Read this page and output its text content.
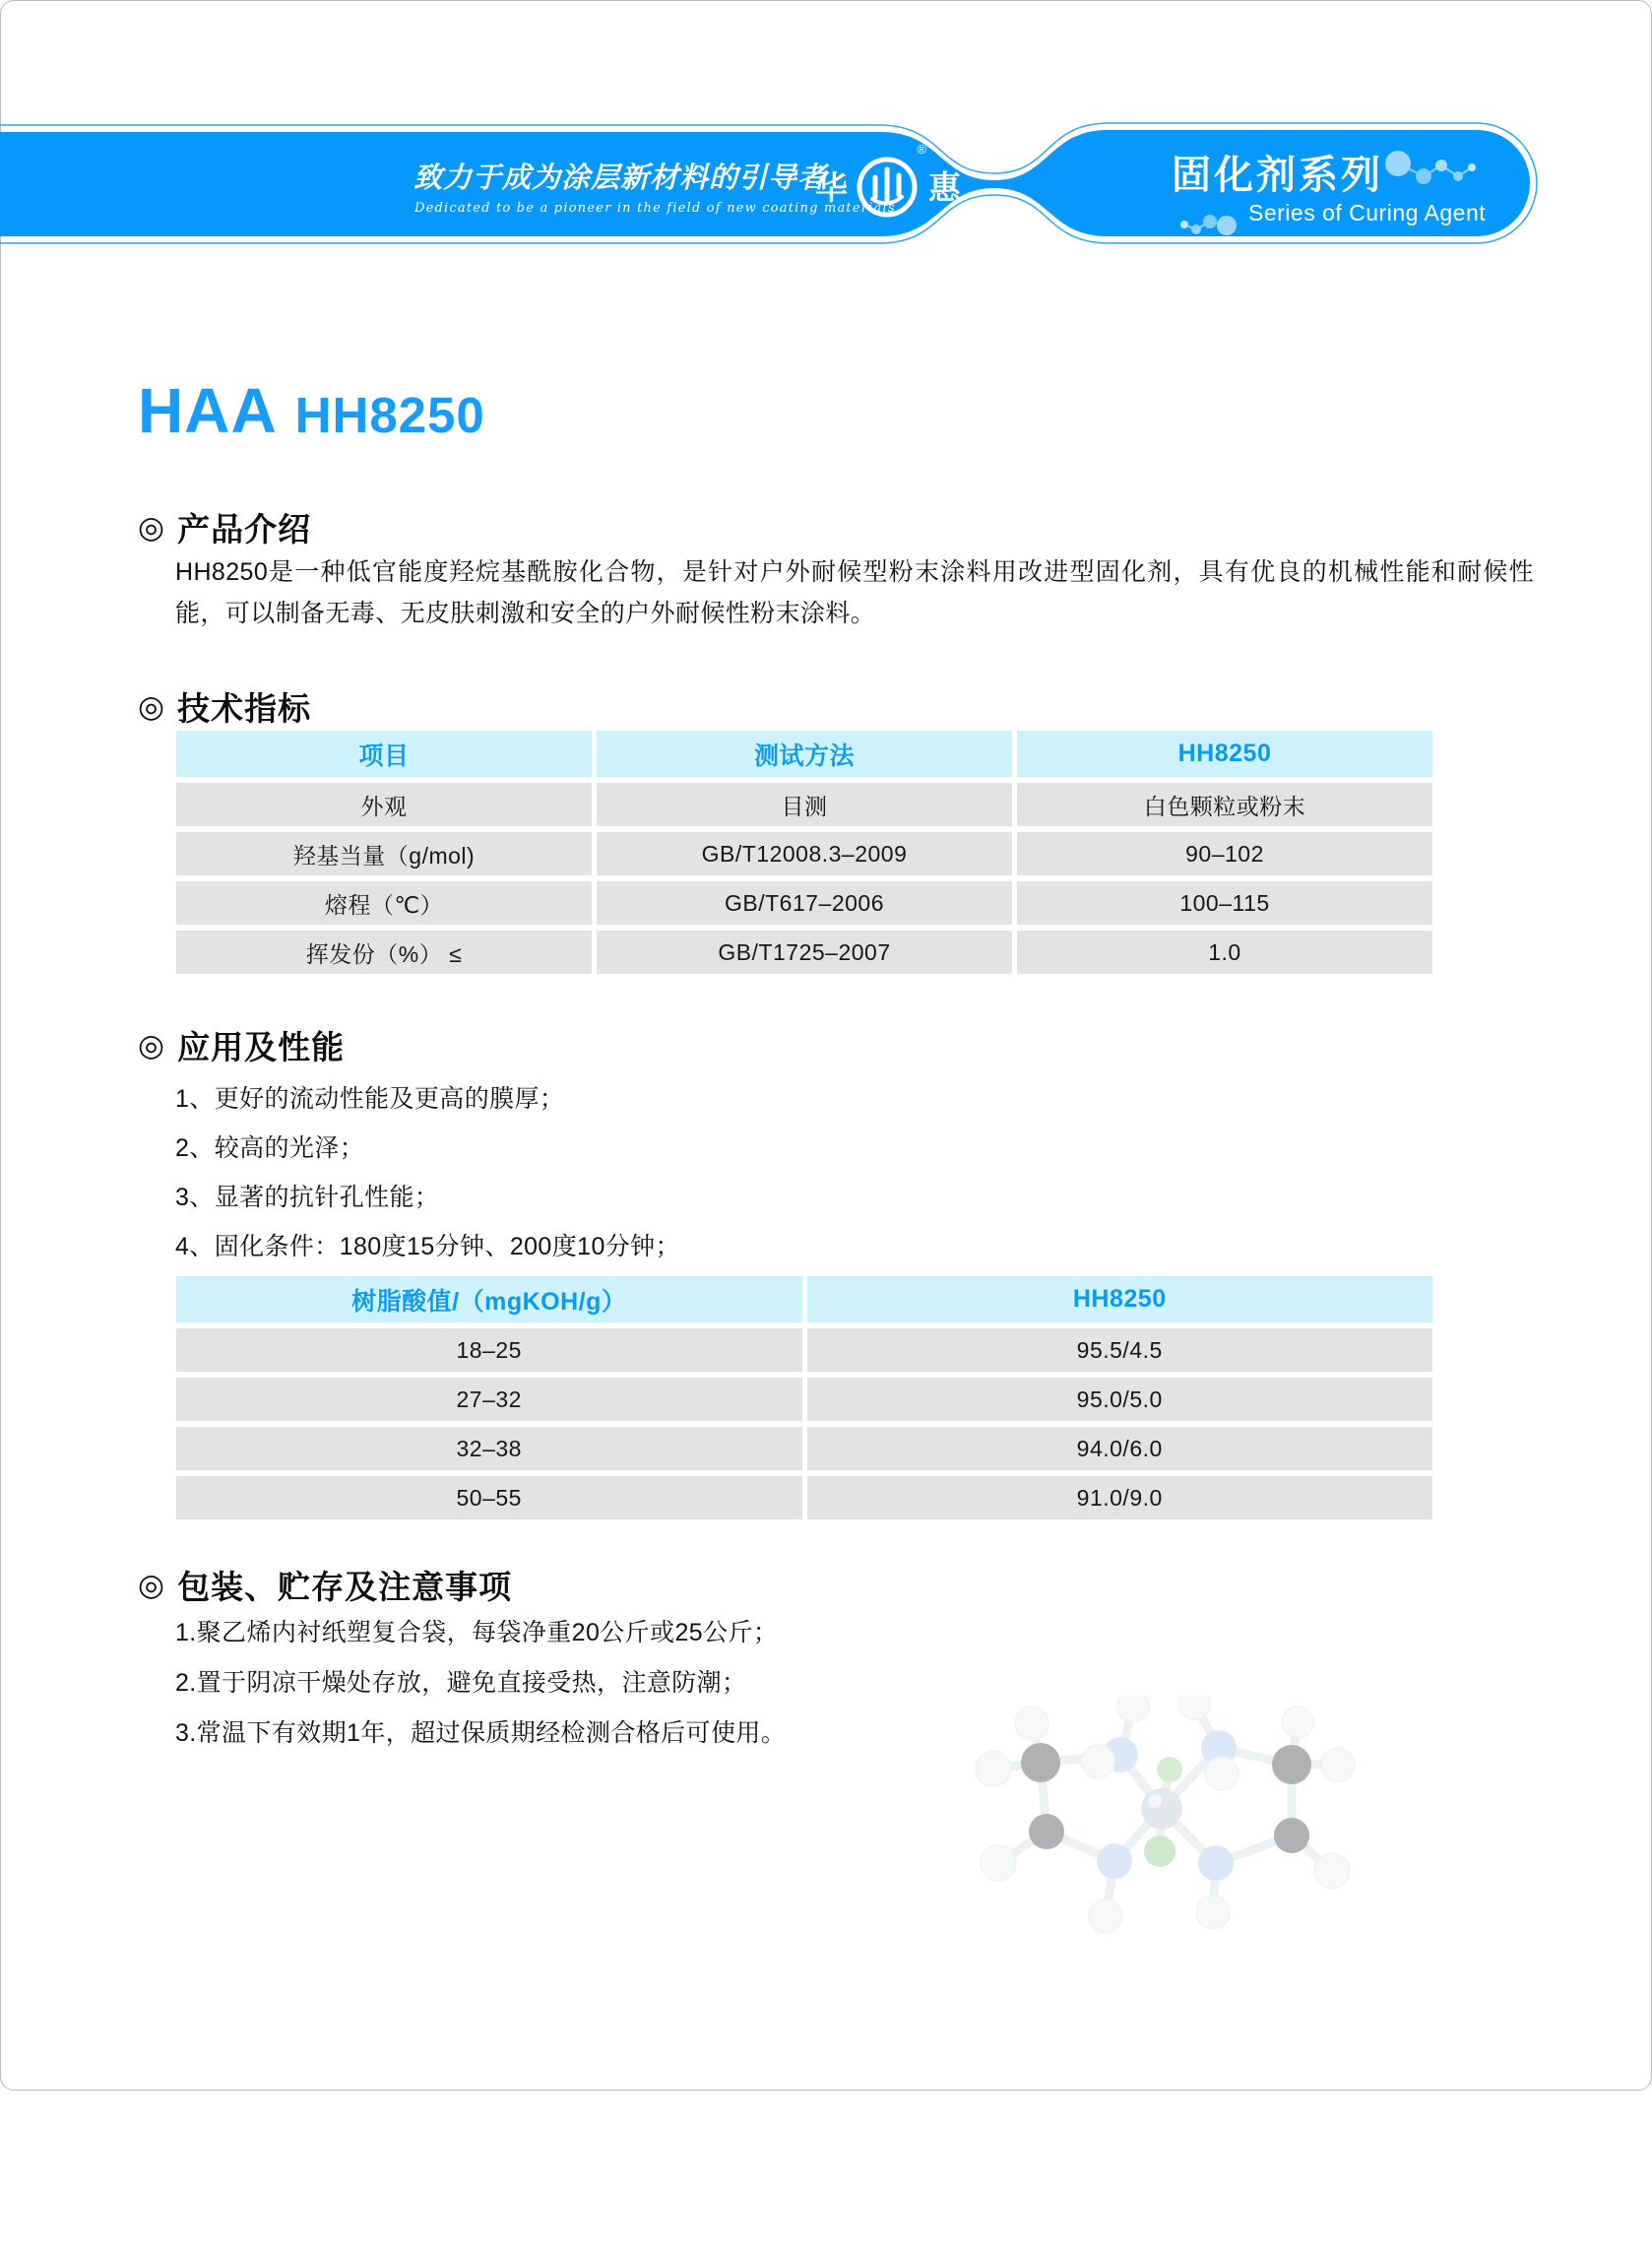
致力于成为涂层新材料的引导者
Dedicated to be a pioneer in the field of new coating materials.
华
®
惠	固化剂系列
Series of Curing Agent
HAA HH8250
◎ 产品介绍
HH8250是一种低官能度羟烷基酰胺化合物，是针对户外耐候型粉末涂料用改进型固化剂，具有优良的机械性能和耐候性能，可以制备无毒、无皮肤刺激和安全的户外耐候性粉末涂料。
◎ 技术指标
项目	测试方法	HH8250
外观	目测	白色颗粒或粉末
羟基当量（g/mol)	GB/T12008.3–2009	90–102
熔程（℃）	GB/T617–2006	100–115
挥发份（%） ≤	GB/T1725–2007	1.0
◎ 应用及性能
1、更好的流动性能及更高的膜厚；
2、较高的光泽；
3、显著的抗针孔性能；
4、固化条件：180度15分钟、200度10分钟；
树脂酸值/（mgKOH/g）	HH8250
18–25	95.5/4.5
27–32	95.0/5.0
32–38	94.0/6.0
50–55	91.0/9.0
◎ 包装、贮存及注意事项
1.聚乙烯内衬纸塑复合袋，每袋净重20公斤或25公斤；
2.置于阴凉干燥处存放，避免直接受热，注意防潮；
3.常温下有效期1年，超过保质期经检测合格后可使用。
